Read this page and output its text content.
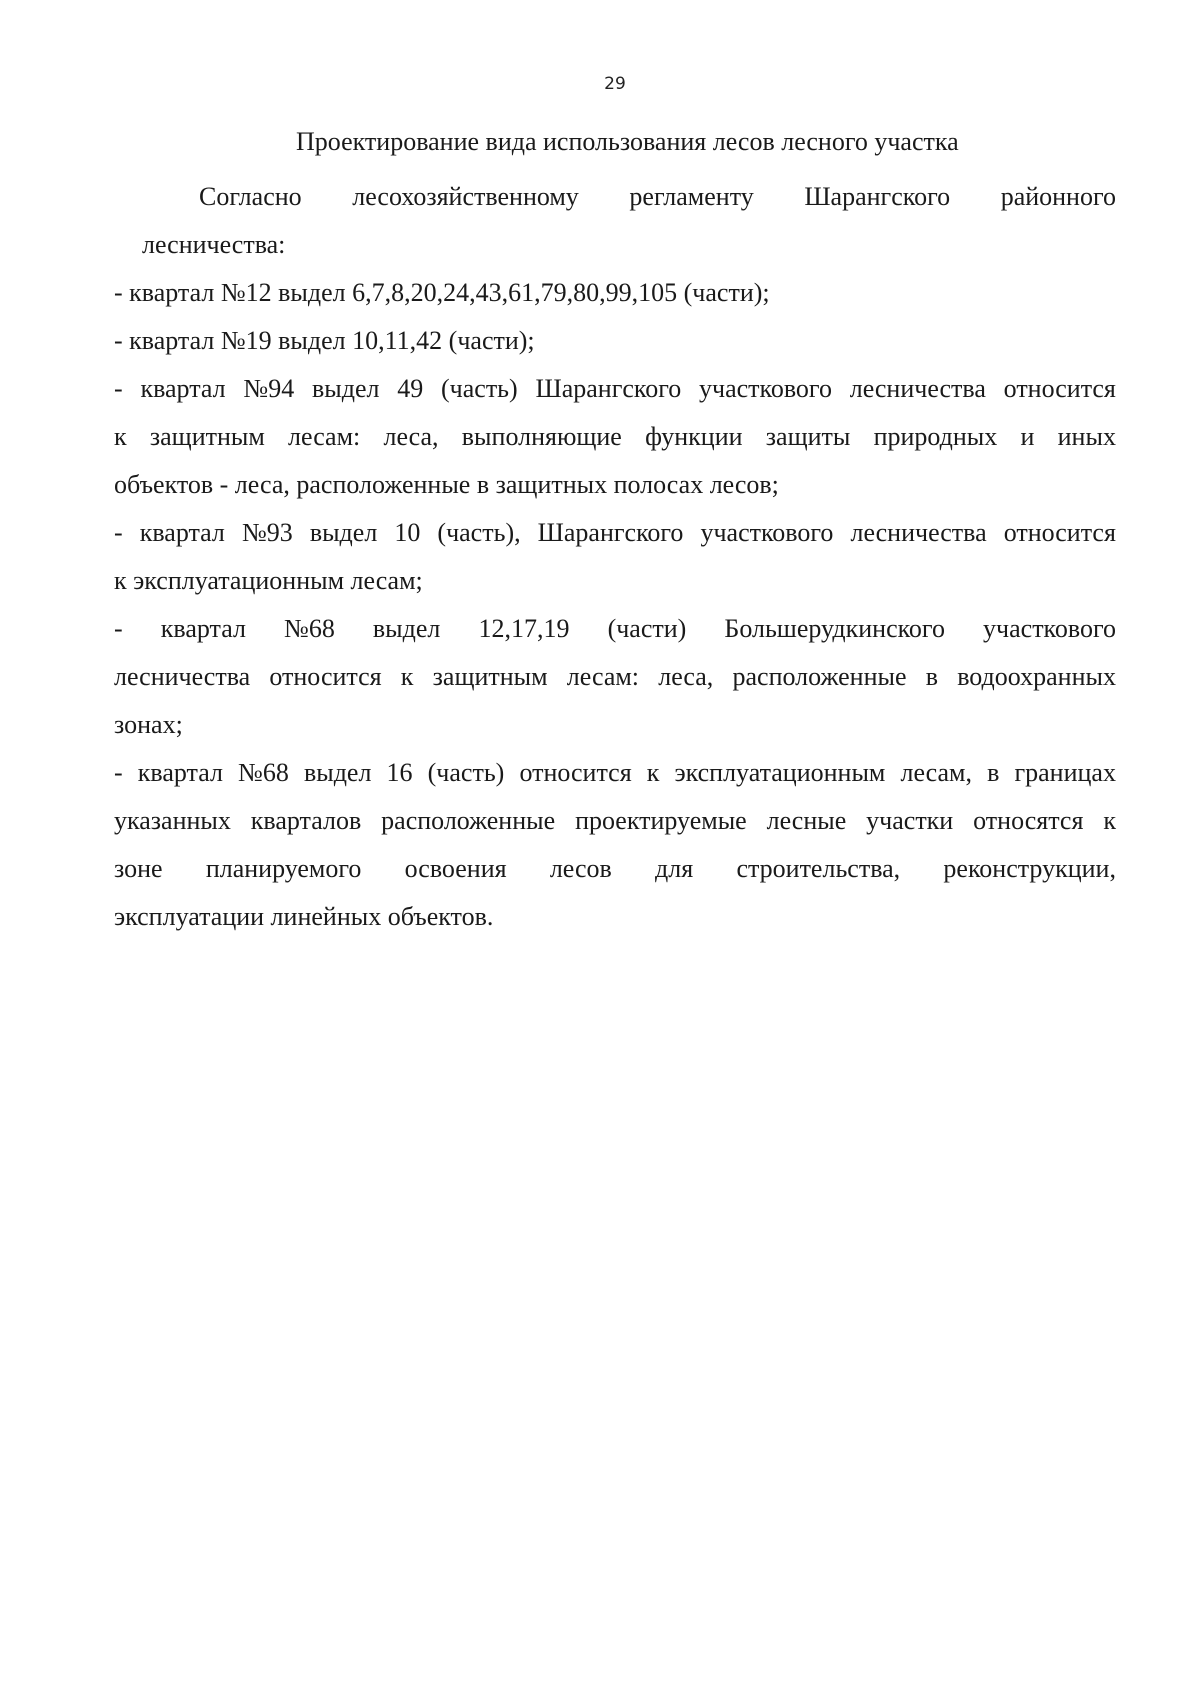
29
Проектирование вида использования лесов лесного участка
Согласно лесохозяйственному регламенту Шарангского районного
лесничества:
- квартал №12 выдел 6,7,8,20,24,43,61,79,80,99,105 (части);
- квартал №19 выдел 10,11,42 (части);
- квартал №94 выдел 49 (часть) Шарангского участкового лесничества относится
к защитным лесам: леса, выполняющие функции защиты природных и иных
объектов - леса, расположенные в защитных полосах лесов;
- квартал №93 выдел 10 (часть), Шарангского участкового лесничества относится
к эксплуатационным лесам;
- квартал №68 выдел 12,17,19 (части) Большерудкинского участкового
лесничества относится к защитным лесам: леса, расположенные в водоохранных
зонах;
- квартал №68 выдел 16 (часть) относится к эксплуатационным лесам, в границах
указанных кварталов расположенные проектируемые лесные участки относятся к
зоне планируемого освоения лесов для строительства, реконструкции,
эксплуатации линейных объектов.
